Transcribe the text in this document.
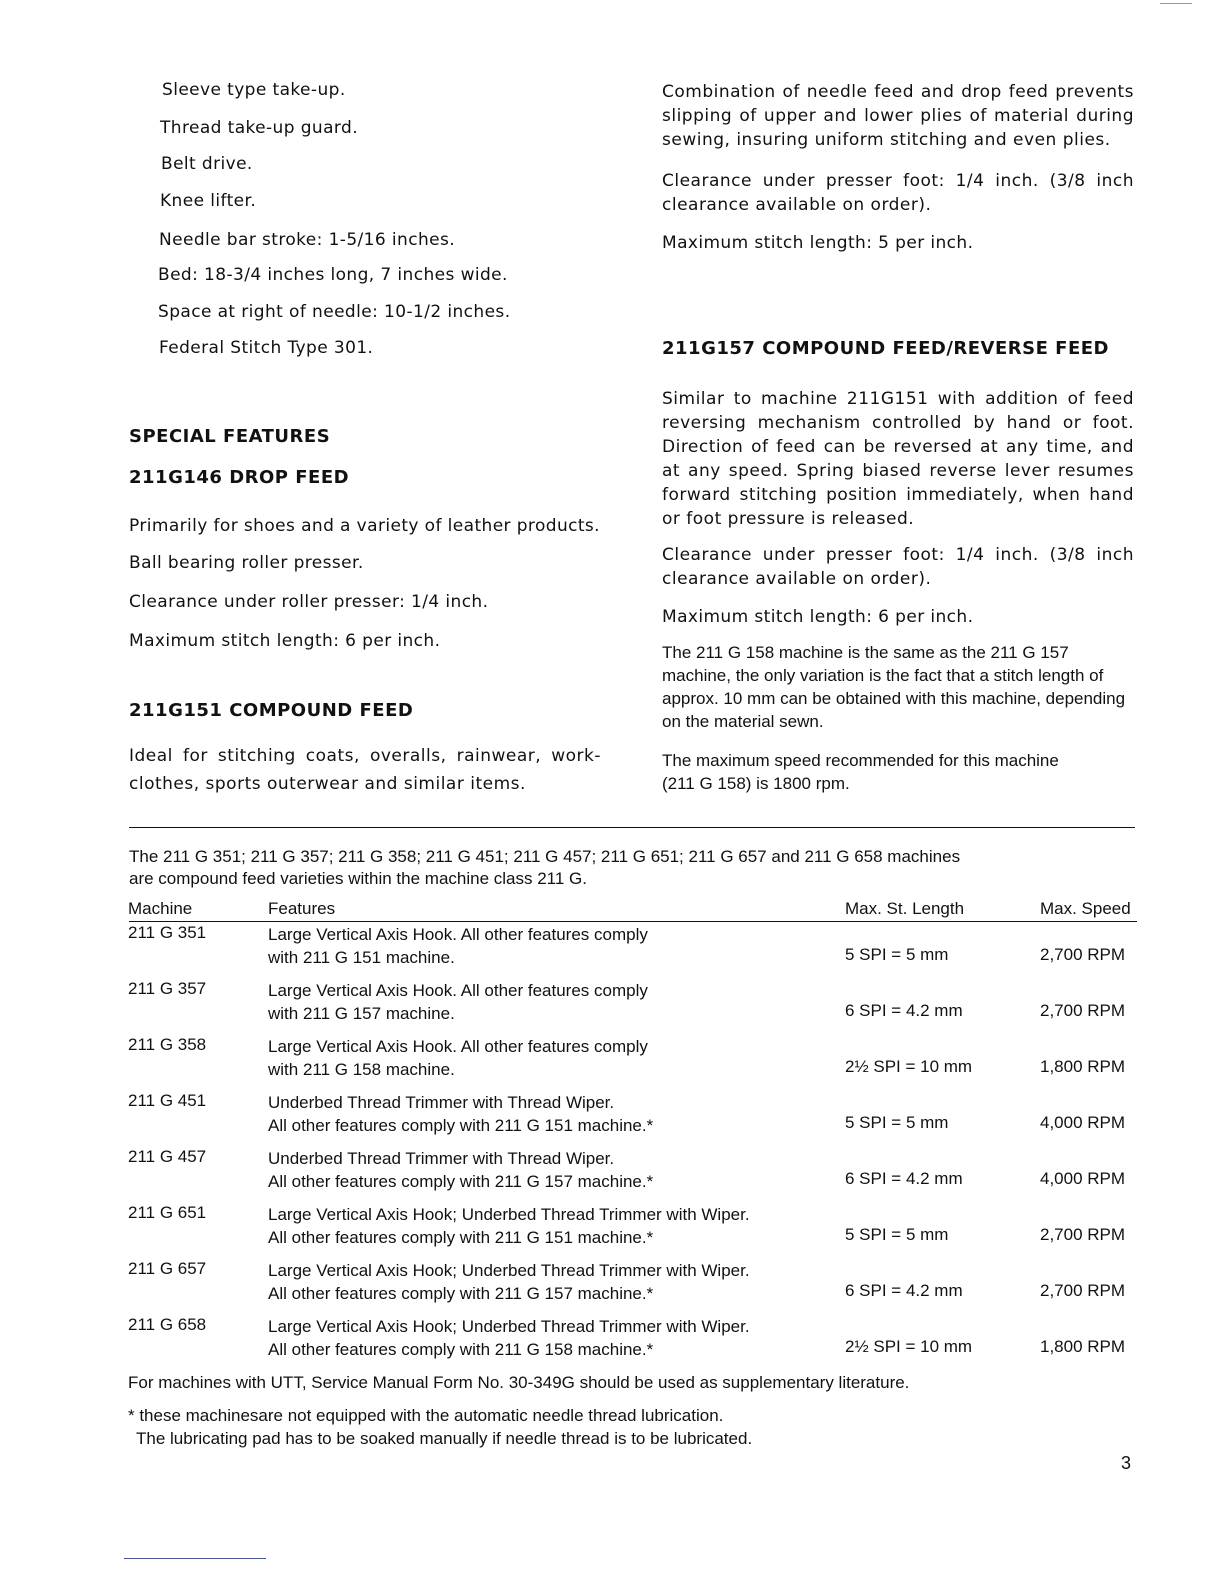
Sleeve type take-up.

Thread take-up guard.

Belt drive.

Knee lifter.

Needle bar stroke: 1-5/16 inches.

Bed: 18-3/4 inches long, 7 inches wide.

Space at right of needle: 10-1/2 inches.

Federal Stitch Type 301.

SPECIAL FEATURES

211G146 DROP FEED

Primarily for shoes and a variety of leather products.

Ball bearing roller presser.

Clearance under roller presser: 1/4 inch.

Maximum stitch length: 6 per inch.

211G151 COMPOUND FEED

Ideal for stitching coats, overalls, rainwear, work-clothes, sports outerwear and similar items.

Combination of needle feed and drop feed prevents slipping of upper and lower plies of material during sewing, insuring uniform stitching and even plies.

Clearance under presser foot: 1/4 inch. (3/8 inch clearance available on order).

Maximum stitch length: 5 per inch.

211G157 COMPOUND FEED/REVERSE FEED

Similar to machine 211G151 with addition of feed reversing mechanism controlled by hand or foot. Direction of feed can be reversed at any time, and at any speed. Spring biased reverse lever resumes forward stitching position immediately, when hand or foot pressure is released.

Clearance under presser foot: 1/4 inch. (3/8 inch clearance available on order).

Maximum stitch length: 6 per inch.

The 211 G 158 machine is the same as the 211 G 157 machine, the only variation is the fact that a stitch length of approx. 10 mm can be obtained with this machine, depending on the material sewn.

The maximum speed recommended for this machine

(211 G 158) is 1800 rpm.

The 211 G 351; 211 G 357; 211 G 358; 211 G 451; 211 G 457; 211 G 651; 211 G 657 and 211 G 658 machines

are compound feed varieties within the machine class 211 G.

Machine	Features	Max. St. Length	Max. Speed
211 G 351	Large Vertical Axis Hook. All other features comply
with 211 G 151 machine.	5 SPI = 5 mm	2,700 RPM
211 G 357	Large Vertical Axis Hook. All other features comply
with 211 G 157 machine.	6 SPI = 4.2 mm	2,700 RPM
211 G 358	Large Vertical Axis Hook. All other features comply
with 211 G 158 machine.	2½ SPI = 10 mm	1,800 RPM
211 G 451	Underbed Thread Trimmer with Thread Wiper.
All other features comply with 211 G 151 machine.*	5 SPI = 5 mm	4,000 RPM
211 G 457	Underbed Thread Trimmer with Thread Wiper.
All other features comply with 211 G 157 machine.*	6 SPI = 4.2 mm	4,000 RPM
211 G 651	Large Vertical Axis Hook; Underbed Thread Trimmer with Wiper.
All other features comply with 211 G 151 machine.*	5 SPI = 5 mm	2,700 RPM
211 G 657	Large Vertical Axis Hook; Underbed Thread Trimmer with Wiper.
All other features comply with 211 G 157 machine.*	6 SPI = 4.2 mm	2,700 RPM
211 G 658	Large Vertical Axis Hook; Underbed Thread Trimmer with Wiper.
All other features comply with 211 G 158 machine.*	2½ SPI = 10 mm	1,800 RPM

For machines with UTT, Service Manual Form No. 30-349G should be used as supplementary literature.

* these machinesare not equipped with the automatic needle thread lubrication.

The lubricating pad has to be soaked manually if needle thread is to be lubricated.

3
